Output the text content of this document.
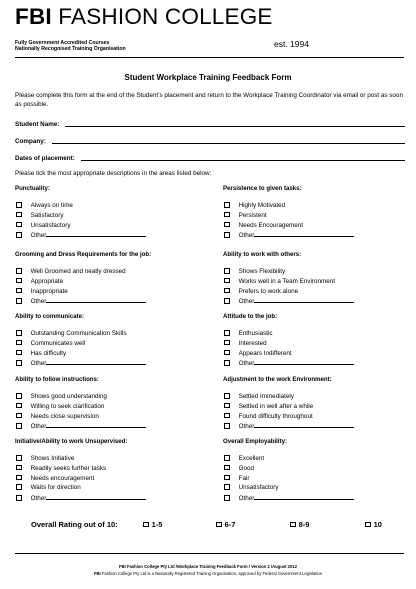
FBI FASHION COLLEGE
Fully Government Accredited Courses
Nationally Recognised Training Organisation	est. 1994
Student Workplace Training Feedback Form
Please complete this form at the end of the Student’s placement and return to the Workplace Training Coordinator via email or post as soon as possible.
Student Name:
Company:
Dates of placement:
Please tick the most appropriate descriptions in the areas listed below:
Punctuality:
Always on time
Satisfactory
Unsatisfactory
Other
Persistence to given tasks:
Highly Motivated
Persistent
Needs Encouragement
Other
Grooming and Dress Requirements for the job:
Well Groomed and neatly dressed
Appropriate
Inappropriate
Other
Ability to work with others:
Shows Flexibility
Works well in a Team Environment
Prefers to work alone
Other
Ability to communicate:
Outstanding Communication Skills
Communicates well
Has difficulty
Other
Attitude to the job:
Enthusiastic
Interested
Appears Indifferent
Other
Ability to follow instructions:
Shows good understanding
Willing to seek clarification
Needs close supervision
Other
Adjustment to the work Environment:
Settled Immediately
Settled in well after a while
Found difficulty throughout
Other
Initiative/Ability to work Unsupervised:
Shows Initiative
Readily seeks further tasks
Needs encouragement
Waits for direction
Other
Overall Employability:
Excellent
Good
Fair
Unsatisfactory
Other
Overall Rating out of 10:	1-5	6-7	8-9	10
FBI Fashion College Pty Ltd /Workplace Training Feedback Form / Version 2 /August 2012
FBI Fashion College Pty Ltd is a Nationally Registered Training Organisation, approved by Federal Government Legislation
